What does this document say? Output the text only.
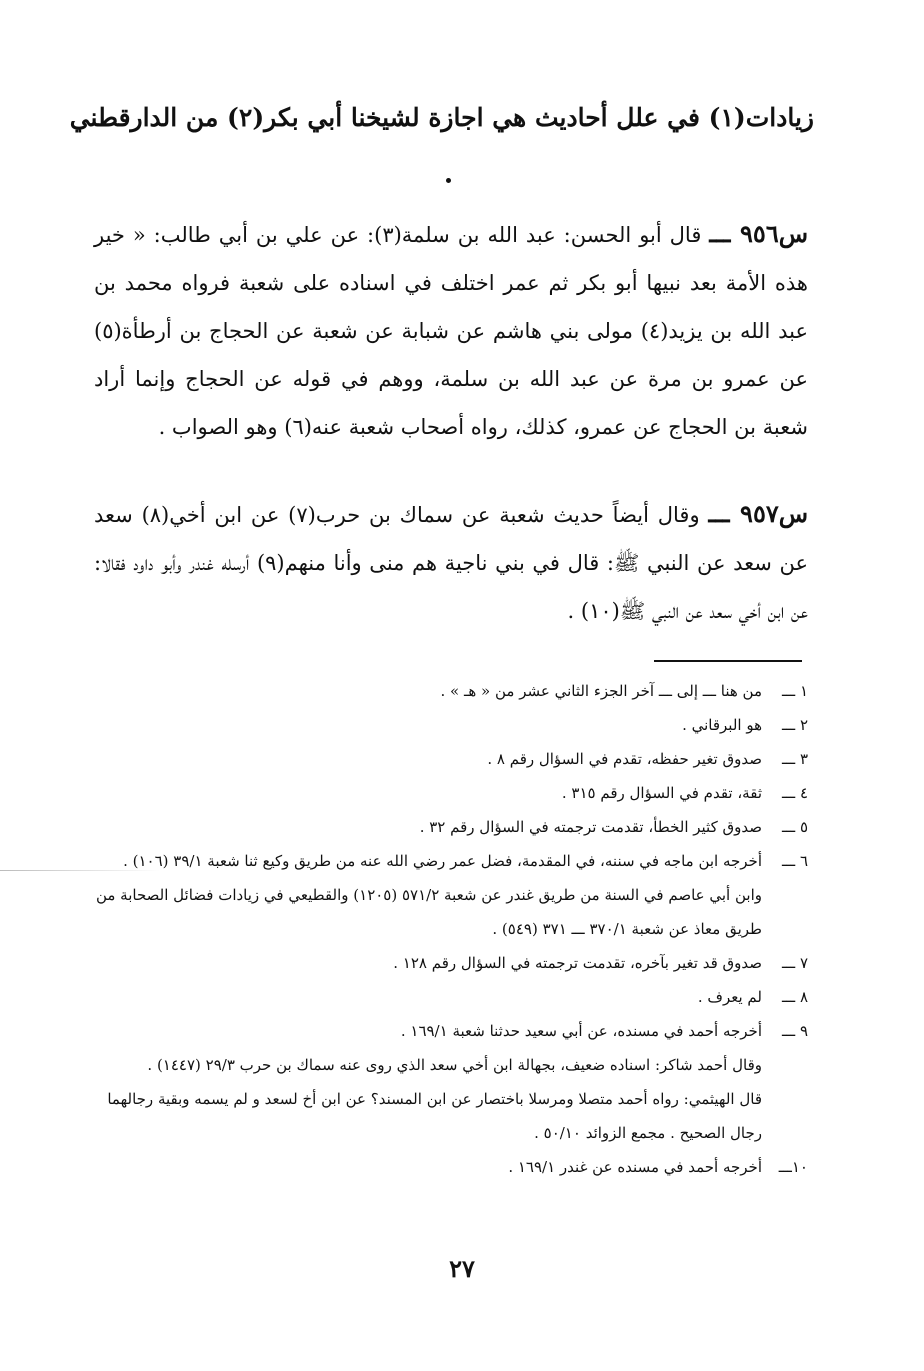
زيادات(١) في علل أحاديث هي اجازة لشيخنا أبي بكر(٢) من الدارقطني
س٩٥٦ ـــ قال أبو الحسن: عبد الله بن سلمة(٣): عن علي بن أبي طالب: « خير هذه الأمة بعد نبيها أبو بكر ثم عمر اختلف في اسناده على شعبة فرواه محمد بن عبد الله بن يزيد(٤) مولى بني هاشم عن شبابة عن شعبة عن الحجاج بن أرطأة(٥) عن عمرو بن مرة عن عبد الله بن سلمة، ووهم في قوله عن الحجاج وإنما أراد شعبة بن الحجاج عن عمرو، كذلك، رواه أصحاب شعبة عنه(٦) وهو الصواب .
س٩٥٧ ـــ وقال أيضاً حديث شعبة عن سماك بن حرب(٧) عن ابن أخي(٨) سعد عن سعد عن النبي ﷺ: قال في بني ناجية هم منى وأنا منهم(٩) أرسله غندر وأبو داود فقالا: عن ابن أخي سعد عن النبي ﷺ(١٠) .
١ ـــ
من هنا ـــ إلى ـــ آخر الجزء الثاني عشر من « هـ » .
٢ ـــ
هو البرقاني .
٣ ـــ
صدوق تغير حفظه، تقدم في السؤال رقم ٨ .
٤ ـــ
ثقة، تقدم في السؤال رقم ٣١٥ .
٥ ـــ
صدوق كثير الخطأ، تقدمت ترجمته في السؤال رقم ٣٢ .
٦ ـــ
أخرجه ابن ماجه في سننه، في المقدمة، فضل عمر رضي الله عنه من طريق وكيع ثنا شعبة ٣٩/١ (١٠٦) .
وابن أبي عاصم في السنة من طريق غندر عن شعبة ٥٧١/٢ (١٢٠٥) والقطيعي في زيادات فضائل الصحابة من طريق معاذ عن شعبة ٣٧٠/١ ـــ ٣٧١ (٥٤٩) .
٧ ـــ
صدوق قد تغير بآخره، تقدمت ترجمته في السؤال رقم ١٢٨ .
٨ ـــ
لم يعرف .
٩ ـــ
أخرجه أحمد في مسنده، عن أبي سعيد حدثنا شعبة ١٦٩/١ .
وقال أحمد شاكر: اسناده ضعيف، بجهالة ابن أخي سعد الذي روى عنه سماك بن حرب ٢٩/٣ (١٤٤٧) .
قال الهيثمي: رواه أحمد متصلا ومرسلا باختصار عن ابن المسند؟ عن ابن أخ لسعد و لم يسمه وبقية رجالهما رجال الصحيح . مجمع الزوائد ٥٠/١٠ .
١٠ـــ
أخرجه أحمد في مسنده عن غندر ١٦٩/١ .
٢٧
